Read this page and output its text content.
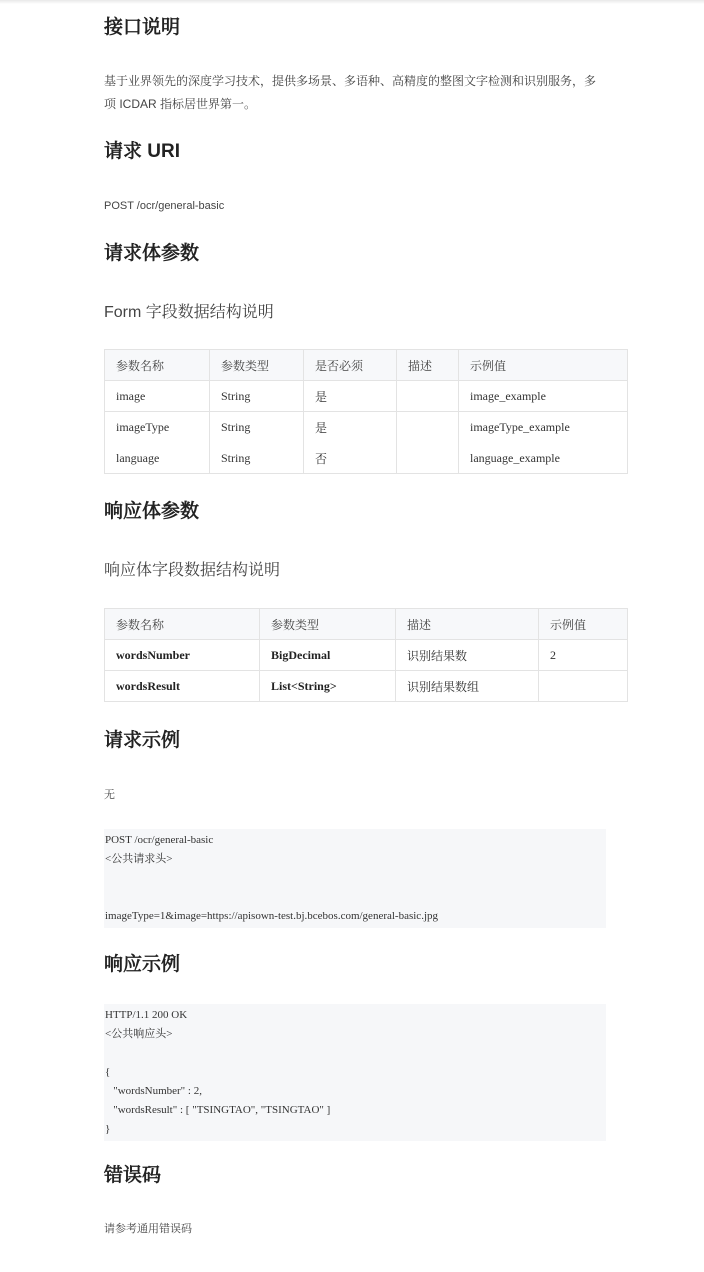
接口说明

基于业界领先的深度学习技术，提供多场景、多语种、高精度的整图文字检测和识别服务，多项 ICDAR 指标居世界第一。

请求 URI

POST /ocr/general-basic

请求体参数
Form 字段数据结构说明
参数名称	参数类型	是否必须	描述	示例值
image	String	是		image_example
imageType	String	是		imageType_example
language	String	否		language_example
响应体参数
响应体字段数据结构说明
参数名称	参数类型	描述	示例值
wordsNumber	BigDecimal	识别结果数	2
wordsResult	List<String>	识别结果数组	
请求示例

无

POST /ocr/general-basic
<公共请求头>
imageType=1&image=https://apisown-test.bj.bcebos.com/general-basic.jpg
响应示例
HTTP/1.1 200 OK
<公共响应头>
{
"wordsNumber" : 2,
"wordsResult" : [ "TSINGTAO", "TSINGTAO" ]
}
错误码

请参考通用错误码
